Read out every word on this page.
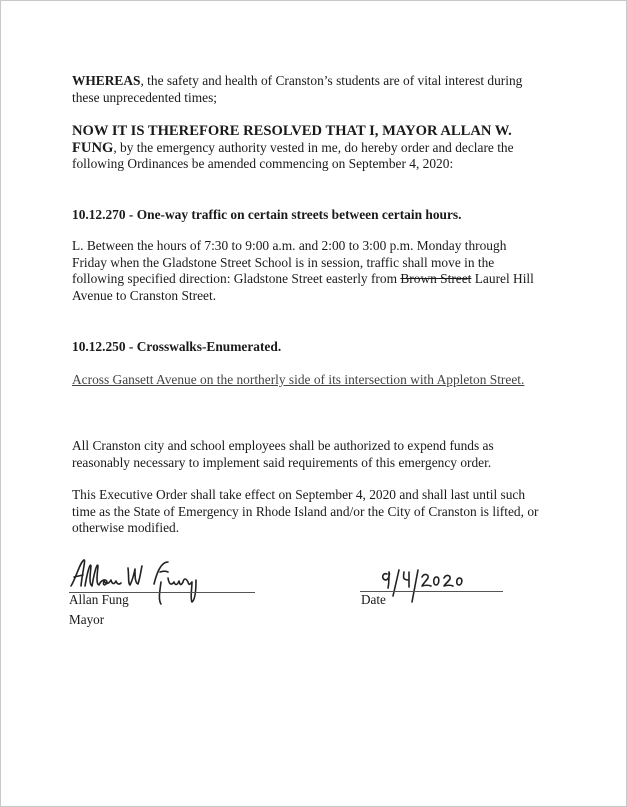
WHEREAS, the safety and health of Cranston’s students are of vital interest during these unprecedented times;
NOW IT IS THEREFORE RESOLVED THAT I, MAYOR ALLAN W. FUNG, by the emergency authority vested in me, do hereby order and declare the following Ordinances be amended commencing on September 4, 2020:
10.12.270 - One-way traffic on certain streets between certain hours.
L. Between the hours of 7:30 to 9:00 a.m. and 2:00 to 3:00 p.m. Monday through Friday when the Gladstone Street School is in session, traffic shall move in the following specified direction: Gladstone Street easterly from Brown Street Laurel Hill Avenue to Cranston Street.
10.12.250 - Crosswalks-Enumerated.
Across Gansett Avenue on the northerly side of its intersection with Appleton Street.
All Cranston city and school employees shall be authorized to expend funds as reasonably necessary to implement said requirements of this emergency order.
This Executive Order shall take effect on September 4, 2020 and shall last until such time as the State of Emergency in Rhode Island and/or the City of Cranston is lifted, or otherwise modified.
Allan Fung
Mayor
Date
